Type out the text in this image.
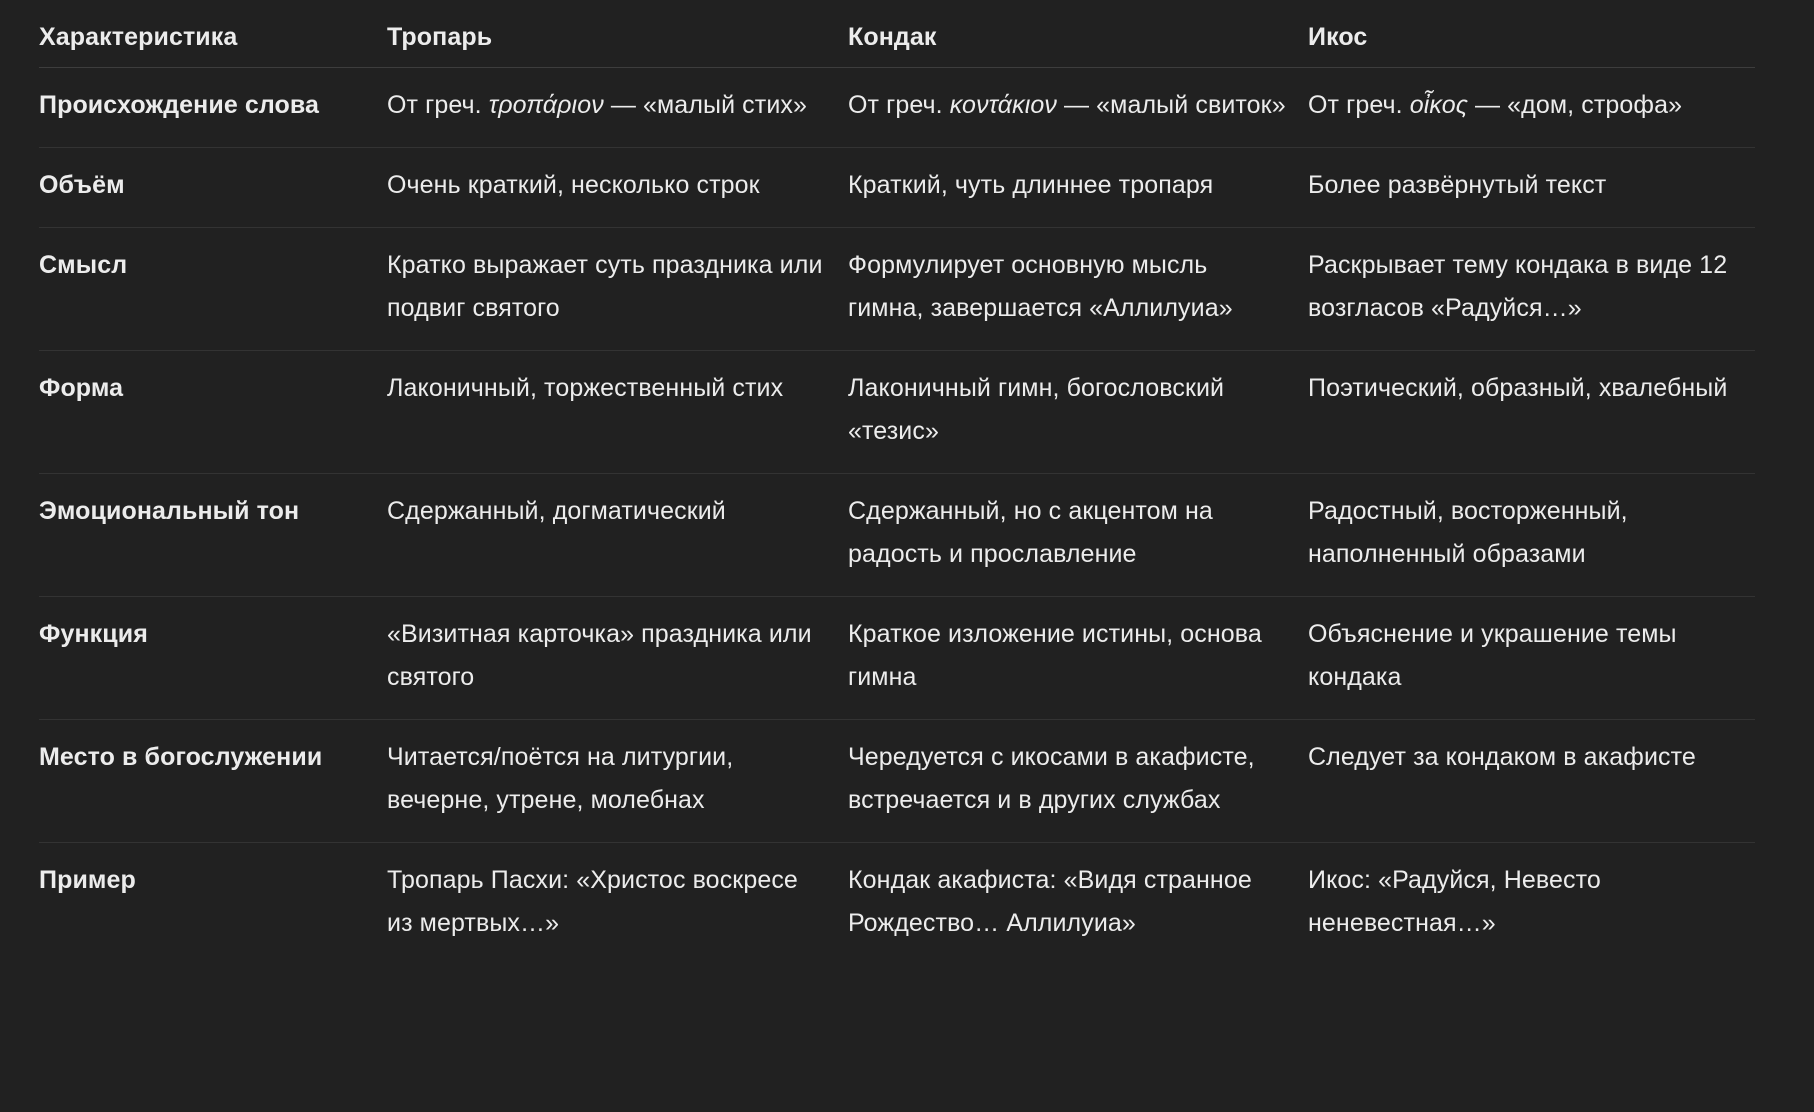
Характеристика	Тропарь	Кондак	Икос
Происхождение слова	От греч. τροπάριον — «малый стих»	От греч. κοντάκιον — «малый свиток»	От греч. οἶκος — «дом, строфа»
Объём	Очень краткий, несколько строк	Краткий, чуть длиннее тропаря	Более развёрнутый текст
Смысл	Кратко выражает суть праздника или подвиг святого	Формулирует основную мысль гимна, завершается «Аллилуиа»	Раскрывает тему кондака в виде 12 возгласов «Радуйся…»
Форма	Лаконичный, торжественный стих	Лаконичный гимн, богословский «тезис»	Поэтический, образный, хвалебный
Эмоциональный тон	Сдержанный, догматический	Сдержанный, но с акцентом на радость и прославление	Радостный, восторженный, наполненный образами
Функция	«Визитная карточка» праздника или святого	Краткое изложение истины, основа гимна	Объяснение и украшение темы кондака
Место в богослужении	Читается/поётся на литургии, вечерне, утрене, молебнах	Чередуется с икосами в акафисте, встречается и в других службах	Следует за кондаком в акафисте
Пример	Тропарь Пасхи: «Христос воскресе из мертвых…»	Кондак акафиста: «Видя странное Рождество… Аллилуиа»	Икос: «Радуйся, Невесто неневестная…»
